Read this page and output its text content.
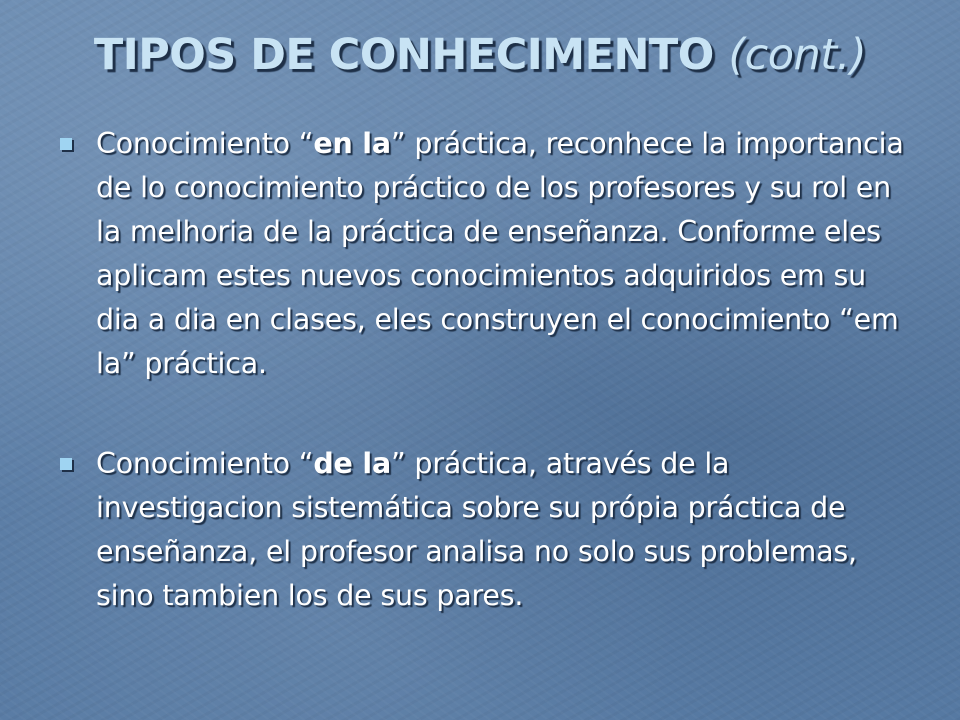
TIPOS DE CONHECIMENTO (cont.)
Conocimiento “en la” práctica, reconhece la importancia de lo conocimiento práctico de los profesores y su rol en la melhoria de la práctica de enseñanza. Conforme eles aplicam estes nuevos conocimientos adquiridos em su dia a dia en clases, eles construyen el conocimiento “em la” práctica.
Conocimiento “de la” práctica, através de la investigacion sistemática sobre su própia práctica de enseñanza, el profesor analisa no solo sus problemas, sino tambien los de sus pares.
